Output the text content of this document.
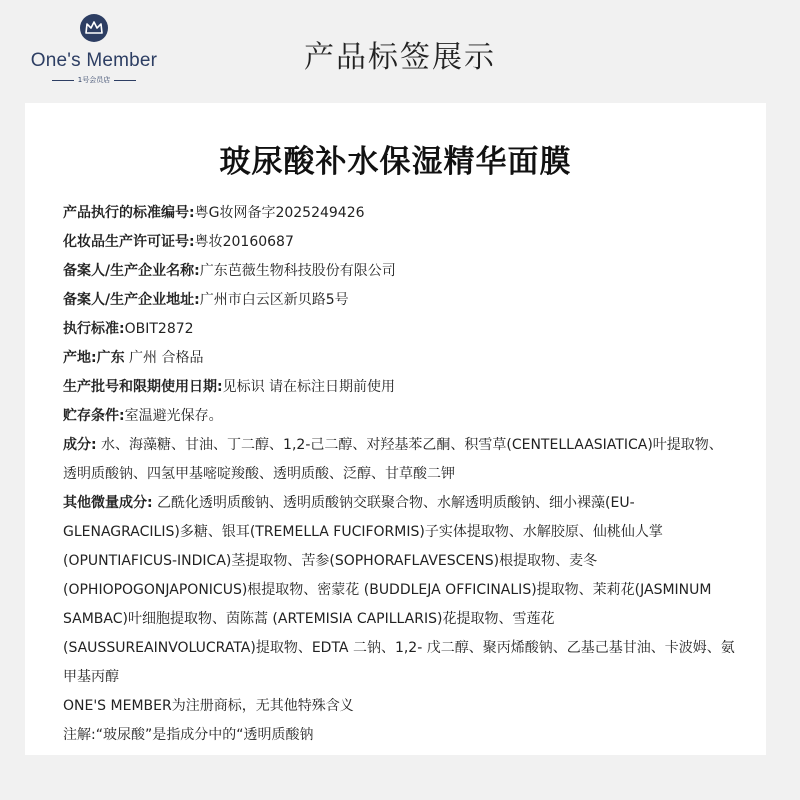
One's Member
1号会员店
产品标签展示
玻尿酸补水保湿精华面膜

产品执行的标准编号:粤G妆网备字2025249426

化妆品生产许可证号:粤妆20160687

备案人/生产企业名称:广东芭薇生物科技股份有限公司

备案人/生产企业地址:广州市白云区新贝路5号

执行标准:OBIT2872

产地:广东 广州 合格品

生产批号和限期使用日期:见标识 请在标注日期前使用

贮存条件:室温避光保存。

成分: 水、海藻糖、甘油、丁二醇、1,2-己二醇、对羟基苯乙酮、积雪草(CENTELLAASIATICA)叶提取物、透明质酸钠、四氢甲基嘧啶羧酸、透明质酸、泛醇、甘草酸二钾

其他微量成分: 乙酰化透明质酸钠、透明质酸钠交联聚合物、水解透明质酸钠、细小裸藻(EU-GLENAGRACILIS)多糖、银耳(TREMELLA FUCIFORMIS)子实体提取物、水解胶原、仙桃仙人掌(OPUNTIAFICUS-INDICA)茎提取物、苦参(SOPHORAFLAVESCENS)根提取物、麦冬(OPHIOPOGONJAPONICUS)根提取物、密蒙花 (BUDDLEJA OFFICINALIS)提取物、茉莉花(JASMINUM SAMBAC)叶细胞提取物、茵陈蒿 (ARTEMISIA CAPILLARIS)花提取物、雪莲花(SAUSSUREAINVOLUCRATA)提取物、EDTA 二钠、1,2- 戊二醇、聚丙烯酸钠、乙基己基甘油、卡波姆、氨甲基丙醇

ONE'S MEMBER为注册商标，无其他特殊含义

注解:“玻尿酸”是指成分中的“透明质酸钠
